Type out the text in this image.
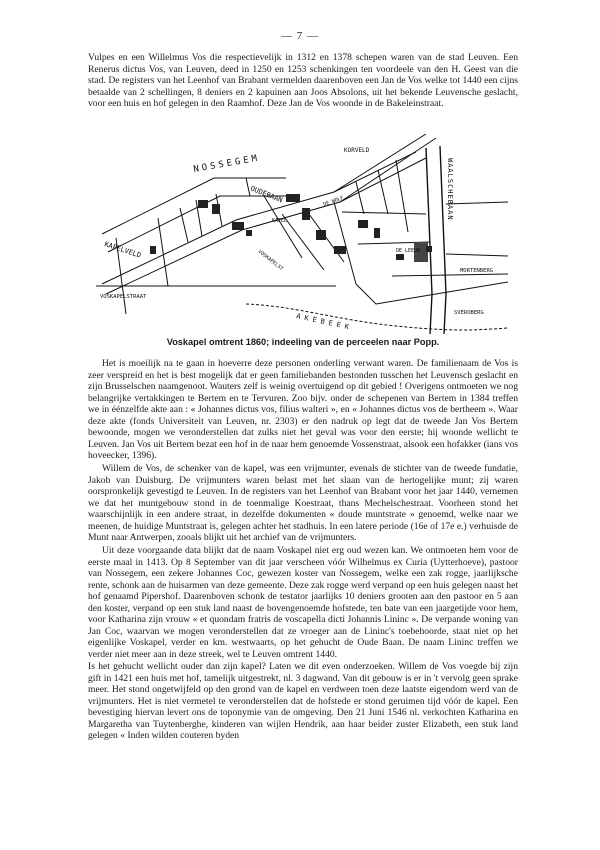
— 7 —

Vulpes en een Willelmus Vos die respectievelijk in 1312 en 1378 schepen waren van de stad Leuven. Een Renerus dictus Vos, van Leuven, deed in 1250 en 1253 schenkingen ten voordeele van den H. Geest van die stad. De registers van het Leenhof van Brabant vermelden daarenboven een Jan de Vos welke tot 1440 een cijns betaalde van 2 schellingen, 8 deniers en 2 kapuinen aan Joos Absolons, uit het bekende Leuvensche geslacht, voor een huis en hof gelegen in den Raamhof. Deze Jan de Vos woonde in de Bakeleinstraat.

NOSSEGEM
OUDEBAAN
KORVELD
WAALSCHEBAAN
KAPELVELD
VOSKAPELSTRAAT
KAPEL
DE WOLF
DE LEEUW
MORTENBERG
SVEROBERG
AKEBEEK
VOSKAPELST
Voskapel omtrent 1860; indeeling van de perceelen naar Popp.

Het is moeilijk na te gaan in hoeverre deze personen onderling verwant waren. De familienaam de Vos is zeer verspreid en het is best mogelijk dat er geen familiebanden bestonden tusschen het Leuvensch geslacht en zijn Brusselschen naamgenoot. Wauters zelf is weinig overtuigend op dit gebied ! Overigens ontmoeten we nog belangrijke vertakkingen te Bertem en te Tervuren. Zoo bijv. onder de schepenen van Bertem in 1384 treffen we in éénzelfde akte aan : « Johannes dictus vos, filius walteri », en « Johannes dictus vos de bertheem ». Waar deze akte (fonds Universiteit van Leuven, nr. 2303) er den nadruk op legt dat de tweede Jan Vos Bertem bewoonde, mogen we veronderstellen dat zulks niet het geval was voor den eerste; hij woonde wellicht te Leuven. Jan Vos uit Bertem bezat een hof in de naar hem genoemde Vossenstraat, alsook een hofakker (ians vos hoveecker, 1396).

Willem de Vos, de schenker van de kapel, was een vrijmunter, evenals de stichter van de tweede fundatie, Jakob van Duisburg. De vrijmunters waren belast met het slaan van de hertogelijke munt; zij waren oorspronkelijk gevestigd te Leuven. In de registers van het Leenhof van Brabant voor het jaar 1440, vernemen we dat het muntgebouw stond in de toenmalige Koestraat, thans Mechelschestraat. Voorheen stond het waarschijnlijk in een andere straat, in dezelfde dokumenten « doude muntstrate » genoemd, welke naar we meenen, de huidige Muntstraat is, gelegen achter het stadhuis. In een latere periode (16e of 17e e.) verhuisde de Munt naar Antwerpen, zooals blijkt uit het archief van de vrijmunters.

Uit deze voorgaande data blijkt dat de naam Voskapel niet erg oud wezen kan. We ontmoeten hem voor de eerste maal in 1413. Op 8 September van dit jaar verscheen vóór Wilhelmus ex Curia (Uytterhoeve), pastoor van Nossegem, een zekere Johannes Coc, gewezen koster van Nossegem, welke een zak rogge, jaarlijksche rente, schonk aan de huisarmen van deze gemeente. Deze zak rogge werd verpand op een huis gelegen naast het hof genaamd Pipershof. Daarenboven schonk de testator jaarlijks 10 deniers grooten aan den pastoor en 5 aan den koster, verpand op een stuk land naast de bovengenoemde hofstede, ten bate van een jaargetijde voor hem, voor Katharina zijn vrouw « et quondam fratris de voscapella dicti Johannis Lininc ». De verpande woning van Jan Coc, waarvan we mogen veronderstellen dat ze vroeger aan de Lininc's toebehoorde, staat niet op het eigenlijke Voskapel, verder en km. westwaarts, op het gehucht de Oude Baan. De naam Lininc treffen we verder niet meer aan in deze streek, wel te Leuven omtrent 1440.

Is het gehucht wellicht ouder dan zijn kapel? Laten we dit even onderzoeken. Willem de Vos voegde bij zijn gift in 1421 een huis met hof, tamelijk uitgestrekt, nl. 3 dagwand. Van dit gebouw is er in 't vervolg geen sprake meer. Het stond ongetwijfeld op den grond van de kapel en verdween toen deze laatste eigendom werd van de vrijmunters. Het is niet vermetel te veronderstellen dat de hofstede er stond geruimen tijd vóór de kapel. Een bevestiging hiervan levert ons de toponymie van de omgeving. Den 21 Juni 1546 nl. verkochten Katharina en Margaretha van Tuytenberghe, kinderen van wijlen Hendrik, aan haar beider zuster Elizabeth, een stuk land gelegen « Inden wilden couteren byden
